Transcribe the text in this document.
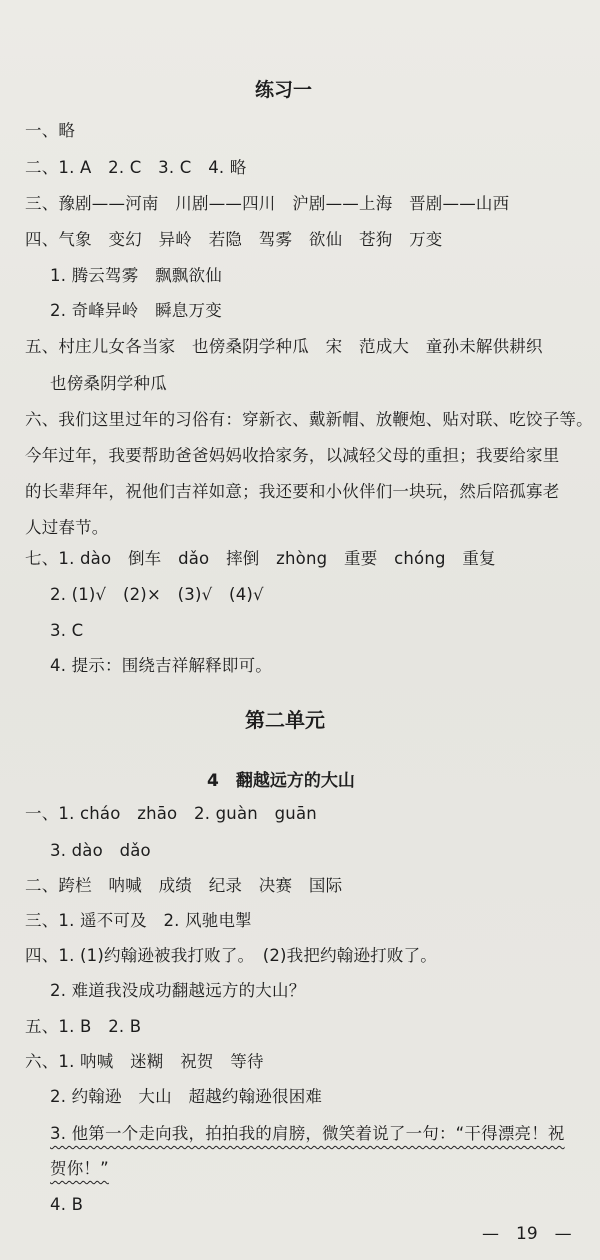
练习一
一、略
二、1. A　2. C　3. C　4. 略
三、豫剧——河南　川剧——四川　沪剧——上海　晋剧——山西
四、气象　变幻　异岭　若隐　驾雾　欲仙　苍狗　万变
1. 腾云驾雾　飘飘欲仙
2. 奇峰异岭　瞬息万变
五、村庄儿女各当家　也傍桑阴学种瓜　宋　范成大　童孙未解供耕织
也傍桑阴学种瓜
六、我们这里过年的习俗有：穿新衣、戴新帽、放鞭炮、贴对联、吃饺子等。
今年过年，我要帮助爸爸妈妈收拾家务，以减轻父母的重担；我要给家里
的长辈拜年，祝他们吉祥如意；我还要和小伙伴们一块玩，然后陪孤寡老
人过春节。
七、1. dào　倒车　dǎo　摔倒　zhòng　重要　chóng　重复
2. (1)√　(2)×　(3)√　(4)√
3. C
4. 提示：围绕吉祥解释即可。
第二单元
4　翻越远方的大山
一、1. cháo　zhāo　2. guàn　guān
3. dào　dǎo
二、跨栏　呐喊　成绩　纪录　决赛　国际
三、1. 遥不可及　2. 风驰电掣
四、1. (1)约翰逊被我打败了。　(2)我把约翰逊打败了。
2. 难道我没成功翻越远方的大山？
五、1. B　2. B
六、1. 呐喊　迷糊　祝贺　等待
2. 约翰逊　大山　超越约翰逊很困难
3. 他第一个走向我，拍拍我的肩膀，微笑着说了一句：“干得漂亮！祝
贺你！”
4. B
—　19　—
